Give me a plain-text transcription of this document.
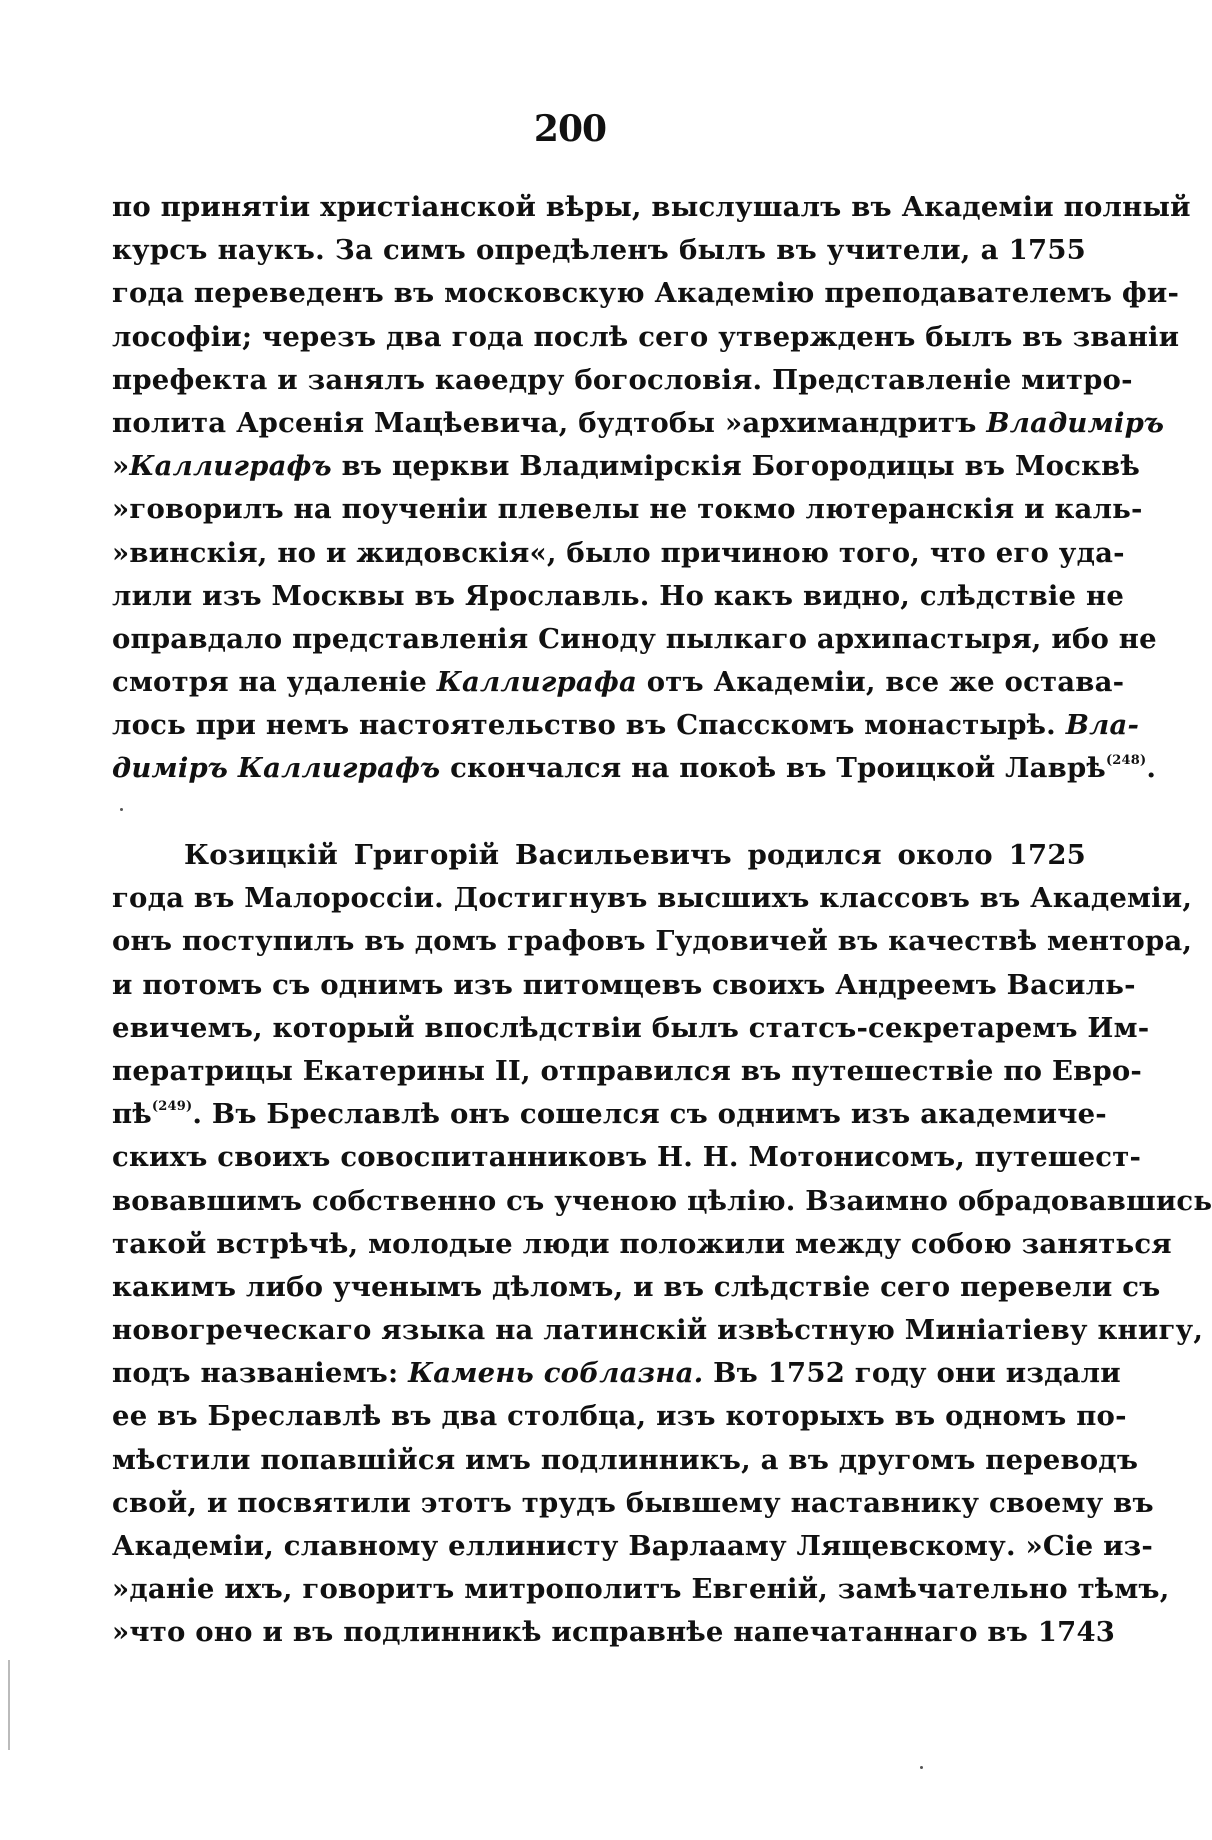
200
по принятіи христіанской вѣры, выслушалъ въ Академіи полный
курсъ наукъ. За симъ опредѣленъ былъ въ учители, а 1755
года переведенъ въ московскую Академію преподавателемъ фи-
лософіи; черезъ два года послѣ сего утвержденъ былъ въ званіи
префекта и занялъ каѳедру богословія. Представленіе митро-
полита Арсенія Мацѣевича, будтобы »архимандритъ Владимiръ
»Каллиграфъ въ церкви Владимірскія Богородицы въ Москвѣ
»говорилъ на поученіи плевелы не токмо лютеранскія и каль-
»винскія, но и жидовскія«, было причиною того, что его уда-
лили изъ Москвы въ Ярославль. Но какъ видно, слѣдствіе не
оправдало представленія Синоду пылкаго архипастыря, ибо не
смотря на удаленіе Каллиграфа отъ Академіи, все же остава-
лось при немъ настоятельство въ Спасскомъ монастырѣ. Вла-
димiръ Каллиграфъ скончался на покоѣ въ Троицкой Лаврѣ$^{(248)}$.
Козицкій Григорій Васильевичъ родился около 1725
года въ Малороссіи. Достигнувъ высшихъ классовъ въ Академіи,
онъ поступилъ въ домъ графовъ Гудовичей въ качествѣ ментора,
и потомъ съ однимъ изъ питомцевъ своихъ Андреемъ Василь-
евичемъ, который впослѣдствіи былъ статсъ-секретаремъ Им-
ператрицы Екатерины II, отправился въ путешествіе по Евро-
$пѣ^{(249)}$. Въ Бреславлѣ онъ сошелся съ однимъ изъ академиче-
скихъ своихъ совоспитанниковъ Н. Н. Мотонисомъ, путешест-
вовавшимъ собственно съ ученою цѣлію. Взаимно обрадовавшись
такой встрѣчѣ, молодые люди положили между собою заняться
какимъ либо ученымъ дѣломъ, и въ слѣдствіе сего перевели съ
новогреческаго языка на латинскій извѣстную Миніатіеву книгу,
подъ названіемъ: Камень соблазна. Въ 1752 году они издали
ее въ Бреславлѣ въ два столбца, изъ которыхъ въ одномъ по-
мѣстили попавшійся имъ подлинникъ, а въ другомъ переводъ
свой, и посвятили этотъ трудъ бывшему наставнику своему въ
Академіи, славному еллинисту Варлааму Лящевскому. »Сіе из-
»даніе ихъ, говоритъ митрополитъ Евгеній, замѣчательно тѣмъ,
»что оно и въ подлинникѣ исправнѣе напечатаннаго въ 1743
